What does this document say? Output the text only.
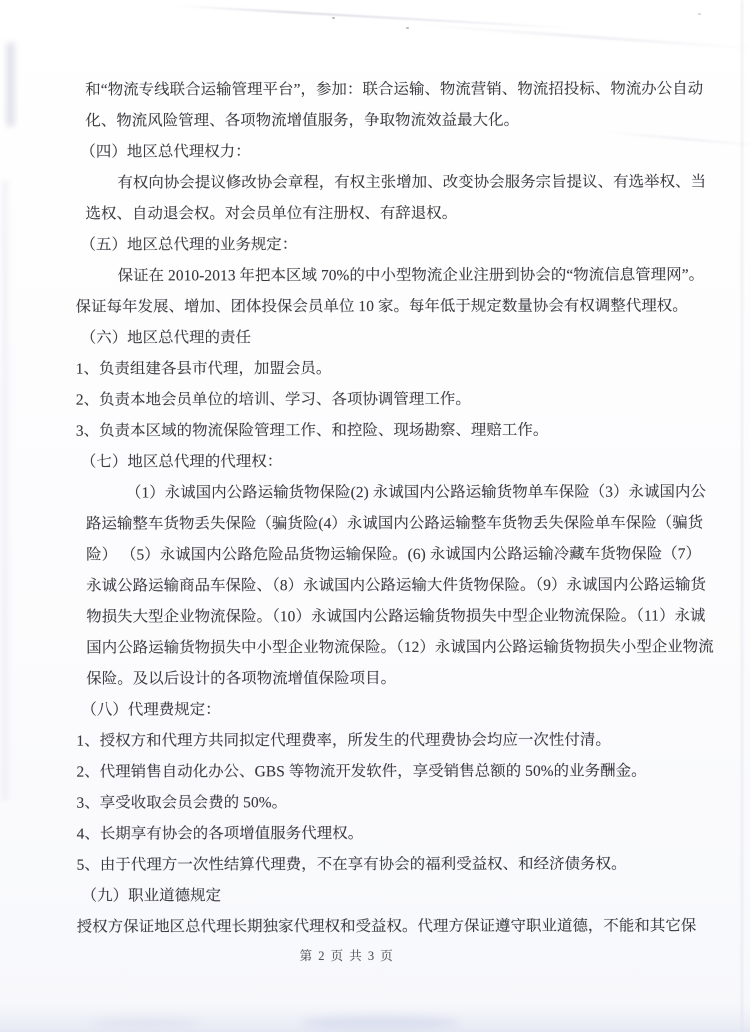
和“物流专线联合运输管理平台”，参加：联合运输、物流营销、物流招投标、物流办公自动
化、物流风险管理、各项物流增值服务，争取物流效益最大化。
（四）地区总代理权力：
有权向协会提议修改协会章程，有权主张增加、改变协会服务宗旨提议、有选举权、当
选权、自动退会权。对会员单位有注册权、有辞退权。
（五）地区总代理的业务规定：
保证在 2010-2013 年把本区域 70%的中小型物流企业注册到协会的“物流信息管理网”。
保证每年发展、增加、团体投保会员单位 10 家。每年低于规定数量协会有权调整代理权。
（六）地区总代理的责任
1、负责组建各县市代理，加盟会员。
2、负责本地会员单位的培训、学习、各项协调管理工作。
3、负责本区域的物流保险管理工作、和控险、现场勘察、理赔工作。
（七）地区总代理的代理权：
（1）永诚国内公路运输货物保险(2) 永诚国内公路运输货物单车保险（3）永诚国内公
路运输整车货物丢失保险（骗货险(4）永诚国内公路运输整车货物丢失保险单车保险（骗货
险） （5）永诚国内公路危险品货物运输保险。(6) 永诚国内公路运输冷藏车货物保险（7）
永诚公路运输商品车保险、（8）永诚国内公路运输大件货物保险。（9）永诚国内公路运输货
物损失大型企业物流保险。（10）永诚国内公路运输货物损失中型企业物流保险。（11）永诚
国内公路运输货物损失中小型企业物流保险。（12）永诚国内公路运输货物损失小型企业物流
保险。及以后设计的各项物流增值保险项目。
（八）代理费规定：
1、授权方和代理方共同拟定代理费率，所发生的代理费协会均应一次性付清。
2、代理销售自动化办公、GBS 等物流开发软件，享受销售总额的 50%的业务酬金。
3、享受收取会员会费的 50%。
4、长期享有协会的各项增值服务代理权。
5、由于代理方一次性结算代理费，不在享有协会的福利受益权、和经济债务权。
（九）职业道德规定
授权方保证地区总代理长期独家代理权和受益权。代理方保证遵守职业道德，不能和其它保
第 2 页 共 3 页
